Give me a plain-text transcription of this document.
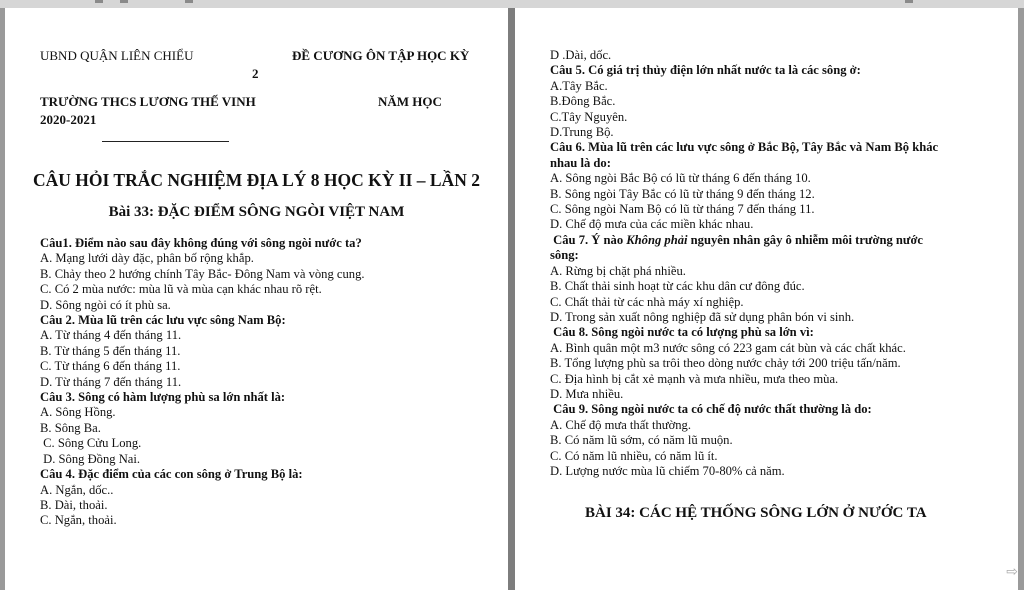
UBND QUẬN LIÊN CHIỂU	ĐỀ CƯƠNG ÔN TẬP HỌC KỲ
2
TRƯỜNG THCS LƯƠNG THẾ VINH	NĂM HỌC
2020-2021
CÂU HỎI TRẮC NGHIỆM ĐỊA LÝ 8 HỌC KỲ II – LẦN 2
Bài 33: ĐẶC ĐIỂM SÔNG NGÒI VIỆT NAM
Câu1. Điểm nào sau đây không đúng với sông ngòi nước ta?
A. Mạng lưới dày đặc, phân bố rộng khắp.
B. Chảy theo 2 hướng chính Tây Bắc- Đông Nam và vòng cung.
C. Có 2 mùa nước: mùa lũ và mùa cạn khác nhau rõ rệt.
D. Sông ngòi có ít phù sa.
Câu 2. Mùa lũ trên các lưu vực sông Nam Bộ:
A. Từ tháng 4 đến tháng 11.
B. Từ tháng 5 đến tháng 11.
C. Từ tháng 6 đến tháng 11.
D. Từ tháng 7 đến tháng 11.
Câu 3. Sông có hàm lượng phù sa lớn nhất là:
A. Sông Hồng.
B. Sông Ba.
C. Sông Cửu Long.
D. Sông Đồng Nai.
Câu 4. Đặc điểm của các con sông ở Trung Bộ là:
A. Ngắn, dốc..
B. Dài, thoải.
C. Ngắn, thoải.
D .Dài, dốc.
Câu 5. Có giá trị thủy điện lớn nhất nước ta là các sông ở:
A.Tây Bắc.
B.Đông Bắc.
C.Tây Nguyên.
D.Trung Bộ.
Câu 6. Mùa lũ trên các lưu vực sông ở Bắc Bộ, Tây Bắc và Nam Bộ khác
nhau là do:
A. Sông ngòi Bắc Bộ có lũ từ tháng 6 đến tháng 10.
B. Sông ngòi Tây Bắc có lũ từ tháng 9 đến tháng 12.
C. Sông ngòi Nam Bộ có lũ từ tháng 7 đến tháng 11.
D. Chế độ mưa của các miền khác nhau.
Câu 7. Ý nào Không phải nguyên nhân gây ô nhiễm môi trường nước
sông:
A. Rừng bị chặt phá nhiều.
B. Chất thải sinh hoạt từ các khu dân cư đông đúc.
C. Chất thải từ các nhà máy xí nghiệp.
D. Trong sản xuất nông nghiệp đã sử dụng phân bón vi sinh.
Câu 8. Sông ngòi nước ta có lượng phù sa lớn vì:
A. Bình quân một m3 nước sông có 223 gam cát bùn và các chất khác.
B. Tổng lượng phù sa trôi theo dòng nước chảy tới 200 triệu tấn/năm.
C. Địa hình bị cắt xẻ mạnh và mưa nhiều, mưa theo mùa.
D. Mưa nhiều.
Câu 9. Sông ngòi nước ta có chế độ nước thất thường là do:
A. Chế độ mưa thất thường.
B. Có năm lũ sớm, có năm lũ muộn.
C. Có năm lũ nhiều, có năm lũ ít.
D. Lượng nước mùa lũ chiếm 70-80% cả năm.
BÀI 34: CÁC HỆ THỐNG SÔNG LỚN Ở NƯỚC TA
⇨
